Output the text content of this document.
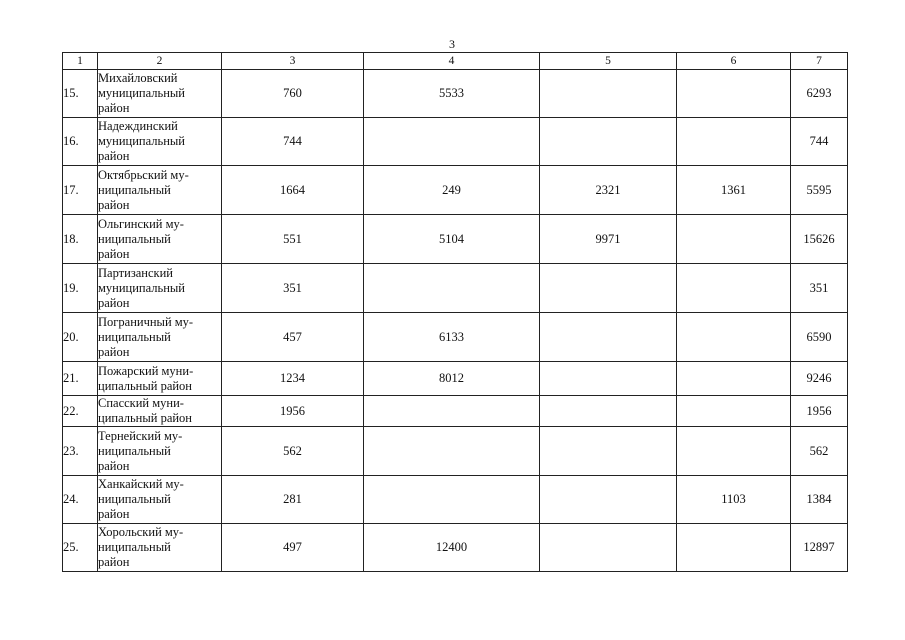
3
1	2	3	4	5	6	7
15.	Михайловский
муниципальный
район	760	5533			6293
16.	Надеждинский
муниципальный
район	744				744
17.	Октябрьский му-
ниципальный
район	1664	249	2321	1361	5595
18.	Ольгинский му-
ниципальный
район	551	5104	9971		15626
19.	Партизанский
муниципальный
район	351				351
20.	Пограничный му-
ниципальный
район	457	6133			6590
21.	Пожарский муни-
ципальный район	1234	8012			9246
22.	Спасский муни-
ципальный район	1956				1956
23.	Тернейский му-
ниципальный
район	562				562
24.	Ханкайский му-
ниципальный
район	281			1103	1384
25.	Хорольский му-
ниципальный
район	497	12400			12897
